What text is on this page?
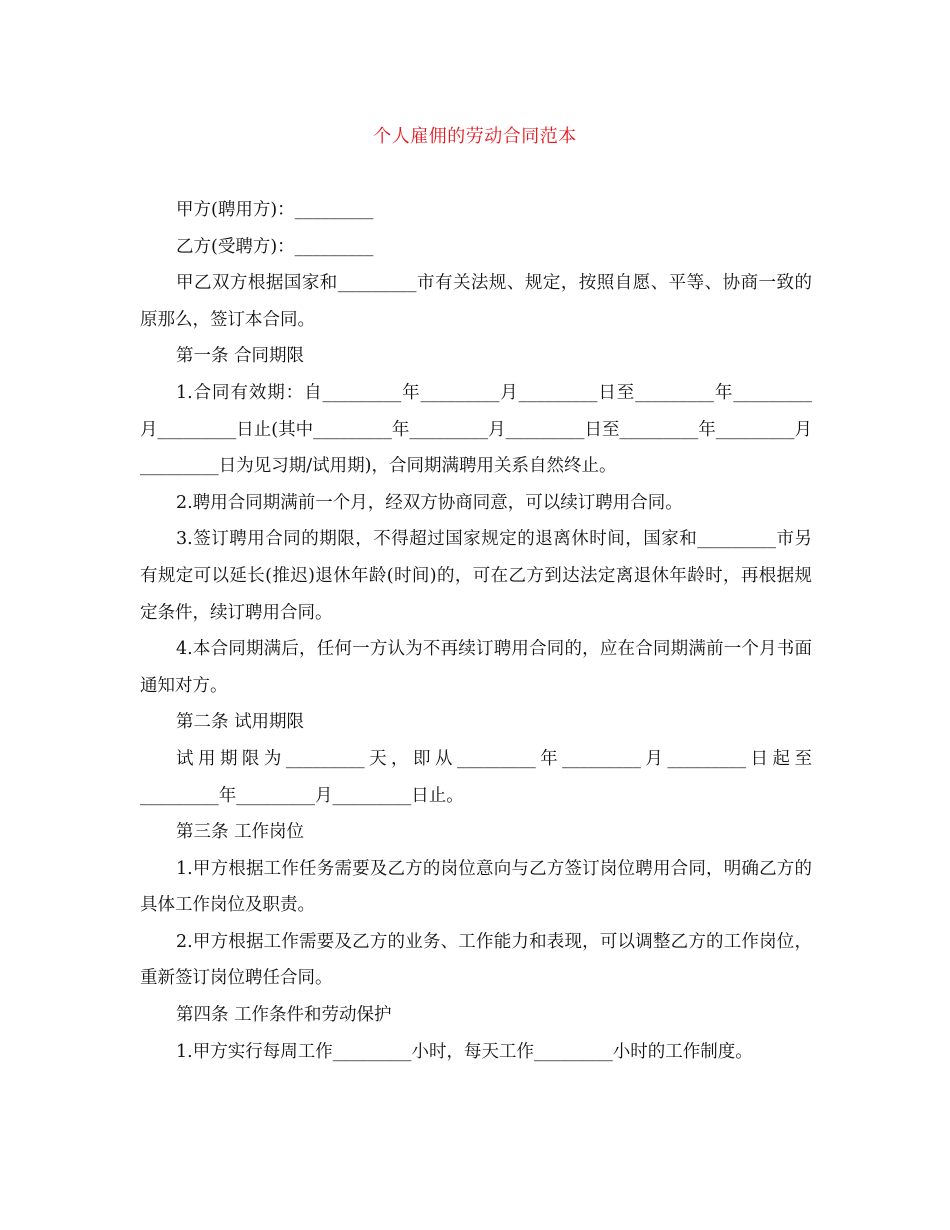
个人雇佣的劳动合同范本

甲方(聘用方)：_________

乙方(受聘方)：_________

甲乙双方根据国家和_________市有关法规、规定，按照自愿、平等、协商一致的原那么，签订本合同。

第一条 合同期限

1.合同有效期：自_________年_________月_________日至_________年_________月_________日止(其中_________年_________月_________日至_________年_________月_________日为见习期/试用期)，合同期满聘用关系自然终止。

2.聘用合同期满前一个月，经双方协商同意，可以续订聘用合同。

3.签订聘用合同的期限，不得超过国家规定的退离休时间，国家和_________市另有规定可以延长(推迟)退休年龄(时间)的，可在乙方到达法定离退休年龄时，再根据规定条件，续订聘用合同。

4.本合同期满后，任何一方认为不再续订聘用合同的，应在合同期满前一个月书面通知对方。

第二条 试用期限

试用期限为_________天，即从_________年_________月_________日起至_________年_________月_________日止。

第三条 工作岗位

1.甲方根据工作任务需要及乙方的岗位意向与乙方签订岗位聘用合同，明确乙方的具体工作岗位及职责。

2.甲方根据工作需要及乙方的业务、工作能力和表现，可以调整乙方的工作岗位，重新签订岗位聘任合同。

第四条 工作条件和劳动保护

1.甲方实行每周工作_________小时，每天工作_________小时的工作制度。
